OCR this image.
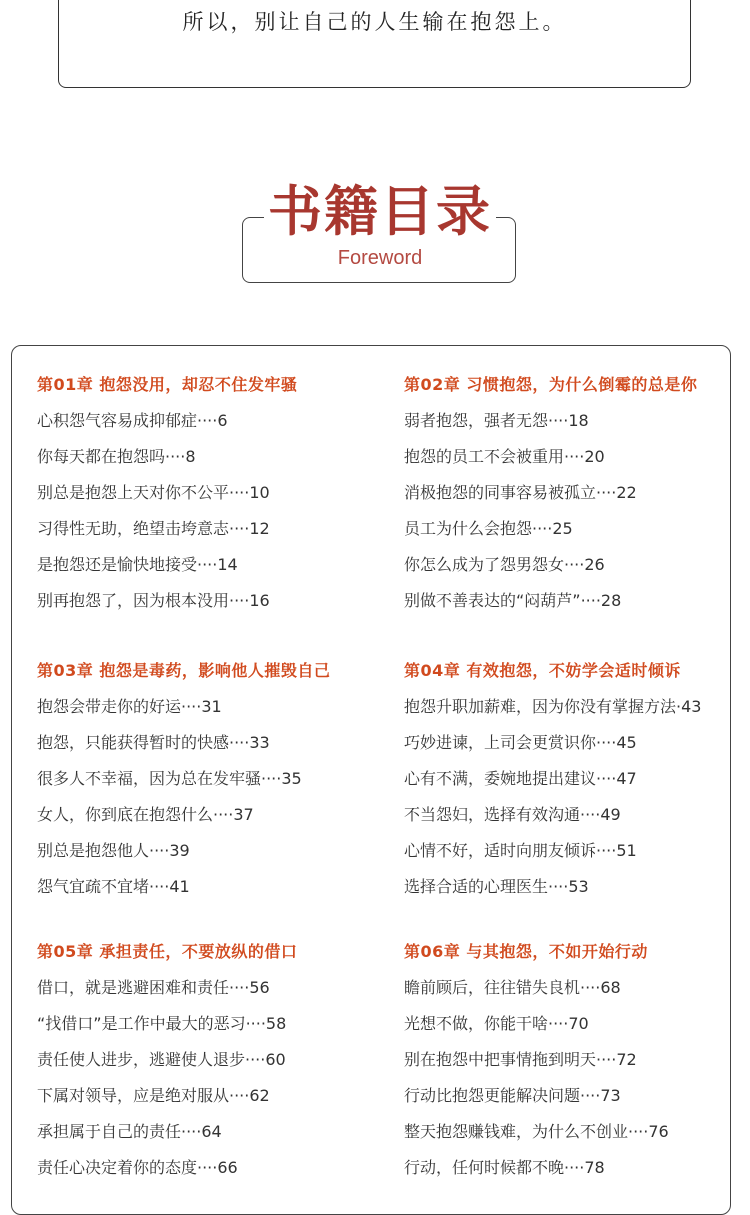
所以，别让自己的人生输在抱怨上。
书籍目录
Foreword
第01章 抱怨没用，却忍不住发牢骚
心积怨气容易成抑郁症····6
你每天都在抱怨吗····8
别总是抱怨上天对你不公平····10
习得性无助，绝望击垮意志····12
是抱怨还是愉快地接受····14
别再抱怨了，因为根本没用····16
第02章 习惯抱怨，为什么倒霉的总是你
弱者抱怨，强者无怨····18
抱怨的员工不会被重用····20
消极抱怨的同事容易被孤立····22
员工为什么会抱怨····25
你怎么成为了怨男怨女····26
别做不善表达的“闷葫芦”····28
第03章 抱怨是毒药，影响他人摧毁自己
抱怨会带走你的好运····31
抱怨，只能获得暂时的快感····33
很多人不幸福，因为总在发牢骚····35
女人，你到底在抱怨什么····37
别总是抱怨他人····39
怨气宜疏不宜堵····41
第04章 有效抱怨，不妨学会适时倾诉
抱怨升职加薪难，因为你没有掌握方法·43
巧妙进谏，上司会更赏识你····45
心有不满，委婉地提出建议····47
不当怨妇，选择有效沟通····49
心情不好，适时向朋友倾诉····51
选择合适的心理医生····53
第05章 承担责任，不要放纵的借口
借口，就是逃避困难和责任····56
“找借口”是工作中最大的恶习····58
责任使人进步，逃避使人退步····60
下属对领导，应是绝对服从····62
承担属于自己的责任····64
责任心决定着你的态度····66
第06章 与其抱怨，不如开始行动
瞻前顾后，往往错失良机····68
光想不做，你能干啥····70
别在抱怨中把事情拖到明天····72
行动比抱怨更能解决问题····73
整天抱怨赚钱难，为什么不创业····76
行动，任何时候都不晚····78
